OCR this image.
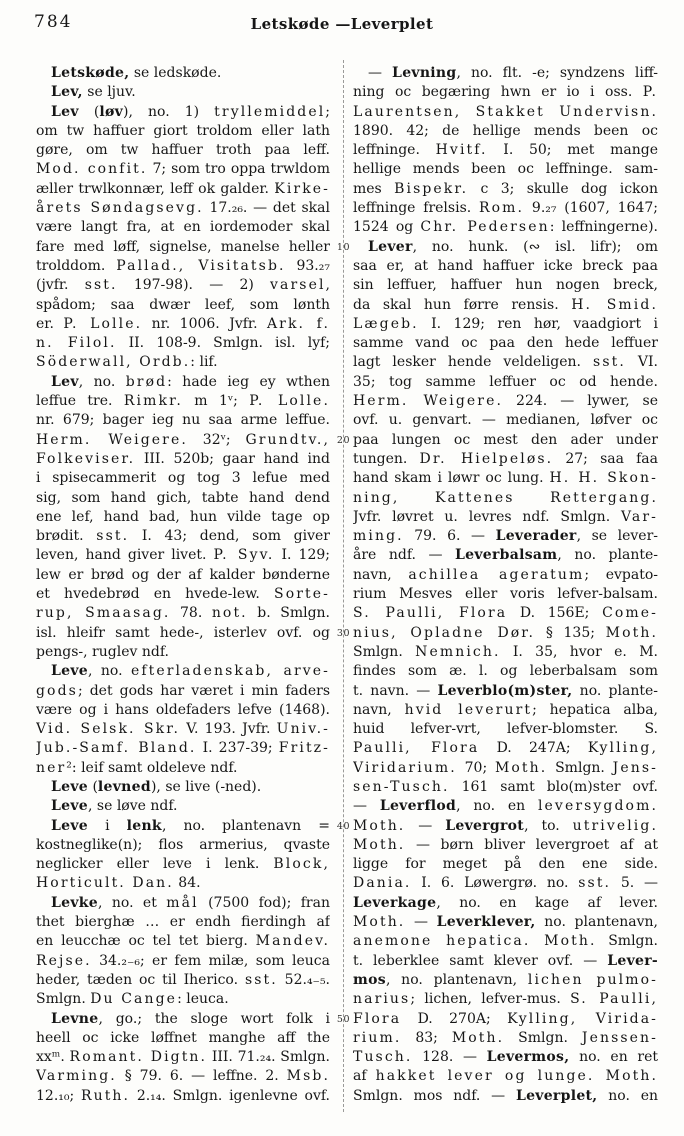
784	Letskøde —Leverplet
Letskøde, se ledskøde.
Lev, se ljuv.
Lev (løv), no. 1) tryllemiddel;
om tw haffuer giort troldom eller lath
gøre, om tw haffuer troth paa leff.
Mod. confit. 7; som tro oppa trwldom
æller trwlkonnær, leff ok galder. Kirke-
årets Søndagsevg. 17.₂₆. — det skal
være langt fra, at en iordemoder skal
fare med løff, signelse, manelse heller
trolddom. Pallad., Visitatsb. 93.₂₇
(jvfr. sst. 197-98). — 2) varsel,
spådom; saa dwær leef, som lønth
er. P. Lolle. nr. 1006. Jvfr. Ark. f.
n. Filol. II. 108-9. Smlgn. isl. lyf;
Söderwall, Ordb.: lif.
Lev, no. brød: hade ieg ey wthen
leffue tre. Rimkr. m 1ᵛ; P. Lolle.
nr. 679; bager ieg nu saa arme leffue.
Herm. Weigere. 32ᵛ; Grundtv.,
Folkeviser. III. 520b; gaar hand ind
i spisecammerit og tog 3 lefue med
sig, som hand gich, tabte hand dend
ene lef, hand bad, hun vilde tage op
brødit. sst. I. 43; dend, som giver
leven, hand giver livet. P. Syv. I. 129;
lew er brød og der af kalder bønderne
et hvedebrød en hvede-lew. Sorte-
rup, Smaasag. 78. not. b. Smlgn.
isl. hleifr samt hede-, isterlev ovf. og
pengs-, ruglev ndf.
Leve, no. efterladenskab, arve-
gods; det gods har været i min faders
være og i hans oldefaders lefve (1468).
Vid. Selsk. Skr. V. 193. Jvfr. Univ.-
Jub.-Samf. Bland. I. 237-39; Fritz-
ner²: leif samt oldeleve ndf.
Leve (levned), se live (-ned).
Leve, se løve ndf.
Leve i lenk, no. plantenavn =
kostneglike(n); flos armerius, qvaste
neglicker eller leve i lenk. Block,
Horticult. Dan. 84.
Levke, no. et mål (7500 fod); fran
thet bierghæ … er endh fierdingh af
en leucchæ oc tel tet bierg. Mandev.
Rejse. 34.₂₋₆; er fem milæ, som leuca
heder, tæden oc til Iherico. sst. 52.₄₋₅.
Smlgn. Du Cange: leuca.
Levne, go.; the sloge wort folk i
heell oc icke løffnet manghe aff the
xxᵐ. Romant. Digtn. III. 71.₂₄. Smlgn.
Varming. § 79. 6. — leffne. 2. Msb.
12.₁₀; Ruth. 2.₁₄. Smlgn. igenlevne ovf.
— Levning, no. flt. -e; syndzens liff-
ning oc begæring hwn er io i oss. P.
Laurentsen, Stakket Undervisn.
1890. 42; de hellige mends been oc
leffninge. Hvitf. I. 50; met mange
hellige mends been oc leffninge. sam-
mes Bispekr. c 3; skulle dog ickon
leffninge frelsis. Rom. 9.₂₇ (1607, 1647;
1524 og Chr. Pedersen: leffningerne).
Lever, no. hunk. (∾ isl. lifr); om
10
saa er, at hand haffuer icke breck paa
sin leffuer, haffuer hun nogen breck,
da skal hun førre rensis. H. Smid.
Lægeb. I. 129; ren hør, vaadgiort i
samme vand oc paa den hede leffuer
lagt lesker hende veldeligen. sst. VI.
35; tog samme leffuer oc od hende.
Herm. Weigere. 224. — lywer, se
ovf. u. genvart. — medianen, løfver oc
paa lungen oc mest den ader under
20
tungen. Dr. Hielpeløs. 27; saa faa
hand skam i løwr oc lung. H. H. Skon-
ning, Kattenes Rettergang.
Jvfr. løvret u. levres ndf. Smlgn. Var-
ming. 79. 6. — Leverader, se lever-
åre ndf. — Leverbalsam, no. plante-
navn, achillea ageratum; evpato-
rium Mesves eller voris lefver-balsam.
S. Paulli, Flora D. 156E; Come-
nius, Opladne Dør. § 135; Moth.
30
Smlgn. Nemnich. I. 35, hvor e. M.
findes som æ. l. og leberbalsam som
t. navn. — Leverblo(m)ster, no. plante-
navn, hvid leverurt; hepatica alba,
huid lefver-vrt, lefver-blomster. S.
Paulli, Flora D. 247A; Kylling,
Viridarium. 70; Moth. Smlgn. Jens-
sen-Tusch. 161 samt blo(m)ster ovf.
— Leverflod, no. en leversygdom.
Moth. — Levergrot, to. utrivelig.
40
Moth. — børn bliver levergroet af at
ligge for meget på den ene side.
Dania. I. 6. Løwergrø. no. sst. 5. —
Leverkage, no. en kage af lever.
Moth. — Leverklever, no. plantenavn,
anemone hepatica. Moth. Smlgn.
t. leberklee samt klever ovf. — Lever-
mos, no. plantenavn, lichen pulmo-
narius; lichen, lefver-mus. S. Paulli,
Flora D. 270A; Kylling, Virida-
50
rium. 83; Moth. Smlgn. Jenssen-
Tusch. 128. — Levermos, no. en ret
af hakket lever og lunge. Moth.
Smlgn. mos ndf. — Leverplet, no. en
